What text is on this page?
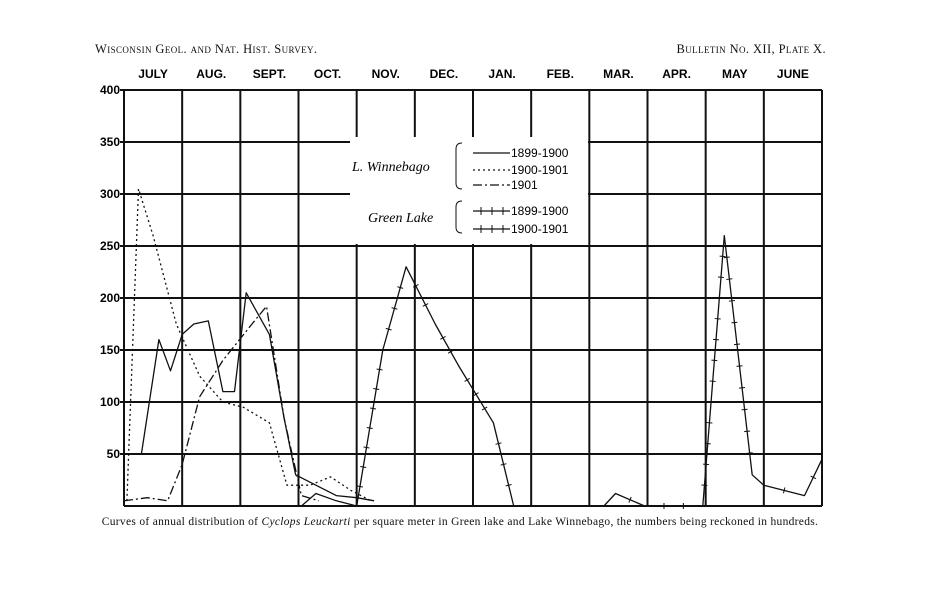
Wisconsin Geol. and Nat. Hist. Survey.	Bulletin No. XII, Plate X.
JULY AUG. SEPT. OCT.	NOV. DEC.	JAN.	FEB. MAR. APR.	MAY JUNE
50
100
150
200
250
300
350
400
L. Winnebago
1899-1900
1900-1901
1901
Green Lake	1899-1900
1900-1901
Curves of annual distribution of Cyclops Leuckarti per square meter in Green lake and Lake Winnebago, the numbers being reckoned in hundreds.
